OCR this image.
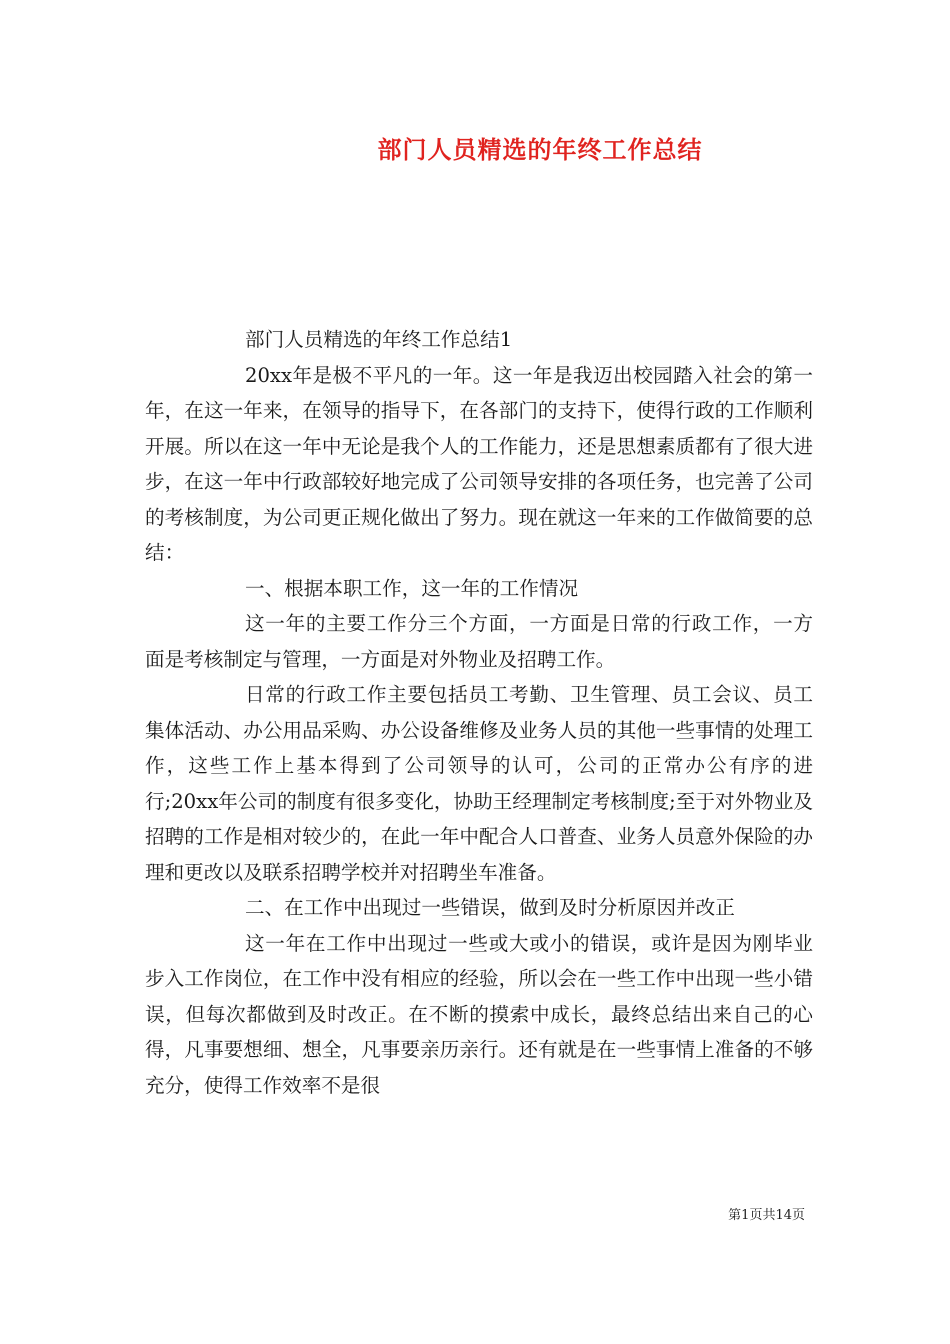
部门人员精选的年终工作总结

部门人员精选的年终工作总结1

20xx年是极不平凡的一年。这一年是我迈出校园踏入社会的第一年，在这一年来，在领导的指导下，在各部门的支持下，使得行政的工作顺利开展。所以在这一年中无论是我个人的工作能力，还是思想素质都有了很大进步，在这一年中行政部较好地完成了公司领导安排的各项任务，也完善了公司的考核制度，为公司更正规化做出了努力。现在就这一年来的工作做简要的总结：

一、根据本职工作，这一年的工作情况

这一年的主要工作分三个方面，一方面是日常的行政工作，一方面是考核制定与管理，一方面是对外物业及招聘工作。

日常的行政工作主要包括员工考勤、卫生管理、员工会议、员工集体活动、办公用品采购、办公设备维修及业务人员的其他一些事情的处理工作，这些工作上基本得到了公司领导的认可，公司的正常办公有序的进行;20xx年公司的制度有很多变化，协助王经理制定考核制度;至于对外物业及招聘的工作是相对较少的，在此一年中配合人口普查、业务人员意外保险的办理和更改以及联系招聘学校并对招聘坐车准备。

二、在工作中出现过一些错误，做到及时分析原因并改正

这一年在工作中出现过一些或大或小的错误，或许是因为刚毕业步入工作岗位，在工作中没有相应的经验，所以会在一些工作中出现一些小错误，但每次都做到及时改正。在不断的摸索中成长，最终总结出来自己的心得，凡事要想细、想全，凡事要亲历亲行。还有就是在一些事情上准备的不够充分，使得工作效率不是很

第1页共14页
